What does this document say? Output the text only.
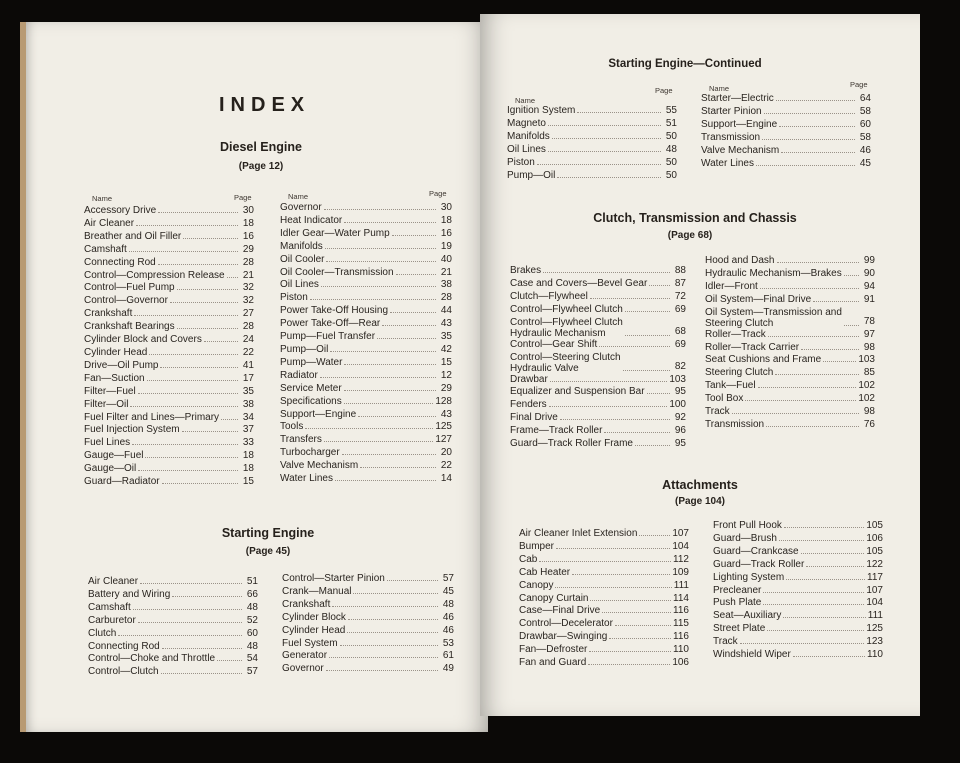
INDEX
Diesel Engine
(Page 12)
Name	Page	Name	Page
Accessory Drive	30
Air Cleaner	18
Breather and Oil Filler	16
Camshaft	29
Connecting Rod	28
Control—Compression Release 21
Control—Fuel Pump	32
Control—Governor	32
Crankshaft	27
Crankshaft Bearings	28
Cylinder Block and Covers	24
Cylinder Head	22
Drive—Oil Pump	41
Fan—Suction	17
Filter—Fuel	35
Filter—Oil	38
Fuel Filter and Lines—Primary 34
Fuel Injection System	37
Fuel Lines	33
Gauge—Fuel	18
Gauge—Oil	18
Guard—Radiator	15
Governor	30
Heat Indicator	18
Idler Gear—Water Pump	16
Manifolds	19
Oil Cooler	40
Oil Cooler—Transmission	21
Oil Lines	38
Piston	28
Power Take-Off Housing	44
Power Take-Off—Rear	43
Pump—Fuel Transfer	35
Pump—Oil	42
Pump—Water	15
Radiator	12
Service Meter	29
Specifications	128
Support—Engine	43
Tools	125
Transfers	127
Turbocharger	20
Valve Mechanism	22
Water Lines	14
Starting Engine
(Page 45)
Air Cleaner	51
Battery and Wiring	66
Camshaft	48
Carburetor	52
Clutch	60
Connecting Rod	48
Control—Choke and Throttle	54
Control—Clutch	57
Control—Starter Pinion	57
Crank—Manual	45
Crankshaft	48
Cylinder Block	46
Cylinder Head	46
Fuel System	53
Generator	61
Governor	49
Starting Engine—Continued
Name
Page	Name	Page
Ignition System	55
Magneto	51
Manifolds	50
Oil Lines	48
Piston	50
Pump—Oil	50
Starter—Electric	64
Starter Pinion	58
Support—Engine	60
Transmission	58
Valve Mechanism	46
Water Lines	45
Clutch, Transmission and Chassis
(Page 68)
Brakes	88
Case and Covers—Bevel Gear	87
Clutch—Flywheel	72
Control—Flywheel Clutch	69
Control—Flywheel Clutch
Hydraulic Mechanism	68
Control—Gear Shift	69
Control—Steering Clutch
Hydraulic Valve	82
Drawbar	103
Equalizer and Suspension Bar	95
Fenders	100
Final Drive	92
Frame—Track Roller	96
Guard—Track Roller Frame	95
Hood and Dash	99
Hydraulic Mechanism—Brakes 90
Idler—Front	94
Oil System—Final Drive	91
Oil System—Transmission and
Steering Clutch	78
Roller—Track	97
Roller—Track Carrier	98
Seat Cushions and Frame	103
Steering Clutch	85
Tank—Fuel	102
Tool Box	102
Track	98
Transmission	76
Attachments
(Page 104)
Air Cleaner Inlet Extension	107
Bumper	104
Cab	112
Cab Heater	109
Canopy	111
Canopy Curtain	114
Case—Final Drive	116
Control—Decelerator	115
Drawbar—Swinging	116
Fan—Defroster	110
Fan and Guard	106
Front Pull Hook	105
Guard—Brush	106
Guard—Crankcase	105
Guard—Track Roller	122
Lighting System	117
Precleaner	107
Push Plate	104
Seat—Auxiliary	111
Street Plate	125
Track	123
Windshield Wiper	110
